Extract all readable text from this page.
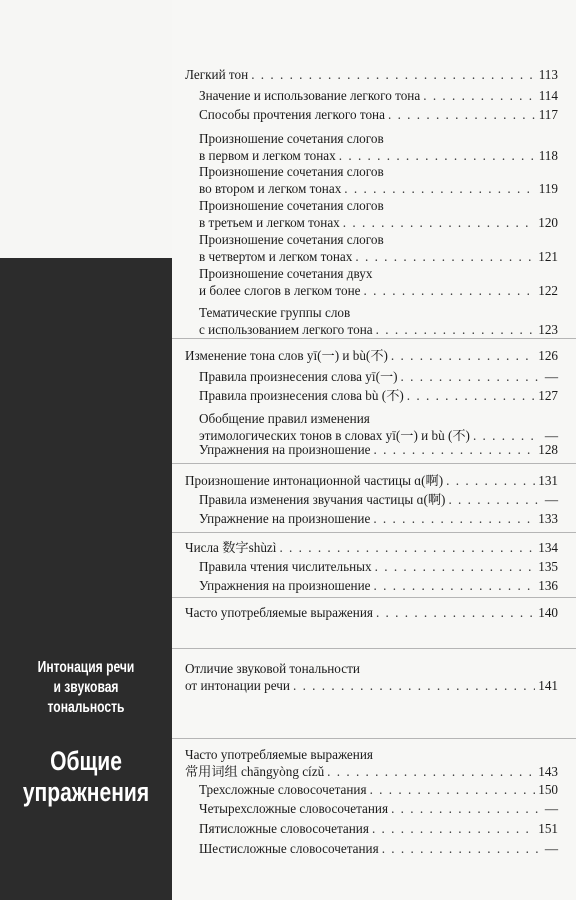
Интонация речи
и звуковая
тональность
Общие
упражнения
Легкий тон . . .	113
Значение и использование легкого тона . . .	114
Способы прочтения легкого тона . . .	117
Произношение сочетания слогов
в первом и легком тонах . . .	118
Произношение сочетания слогов
во втором и легком тонах . . .	119
Произношение сочетания слогов
в третьем и легком тонах . . .	120
Произношение сочетания слогов
в четвертом и легком тонах . . .	121
Произношение сочетания двух
и более слогов в легком тоне . . .	122
Тематические группы слов
с использованием легкого тона . . .	123
Изменение тона слов yī(一) и bù(不) . . .	126
Правила произнесения слова yī(一) . . .	—
Правила произнесения слова bù (不) . . .	127
Обобщение правил изменения
этимологических тонов в словах yī(一) и bù (不) . . .	—
Упражнения на произношение . . .	128
Произношение интонационной частицы ɑ(啊) . . .	131
Правила изменения звучания частицы ɑ(啊) . . .	—
Упражнение на произношение . . .	133
Числа 数字shùzì . . .	134
Правила чтения числительных . . .	135
Упражнения на произношение . . .	136
Часто употребляемые выражения . . .	140
Отличие звуковой тональности
от интонации речи . . .	141
Часто употребляемые выражения
常用词组 chāngyòng cízǔ . . .	143
Трехсложные словосочетания . . .	150
Четырехсложные словосочетания . . .	—
Пятисложные словосочетания . . .	151
Шестисложные словосочетания . . .	—
